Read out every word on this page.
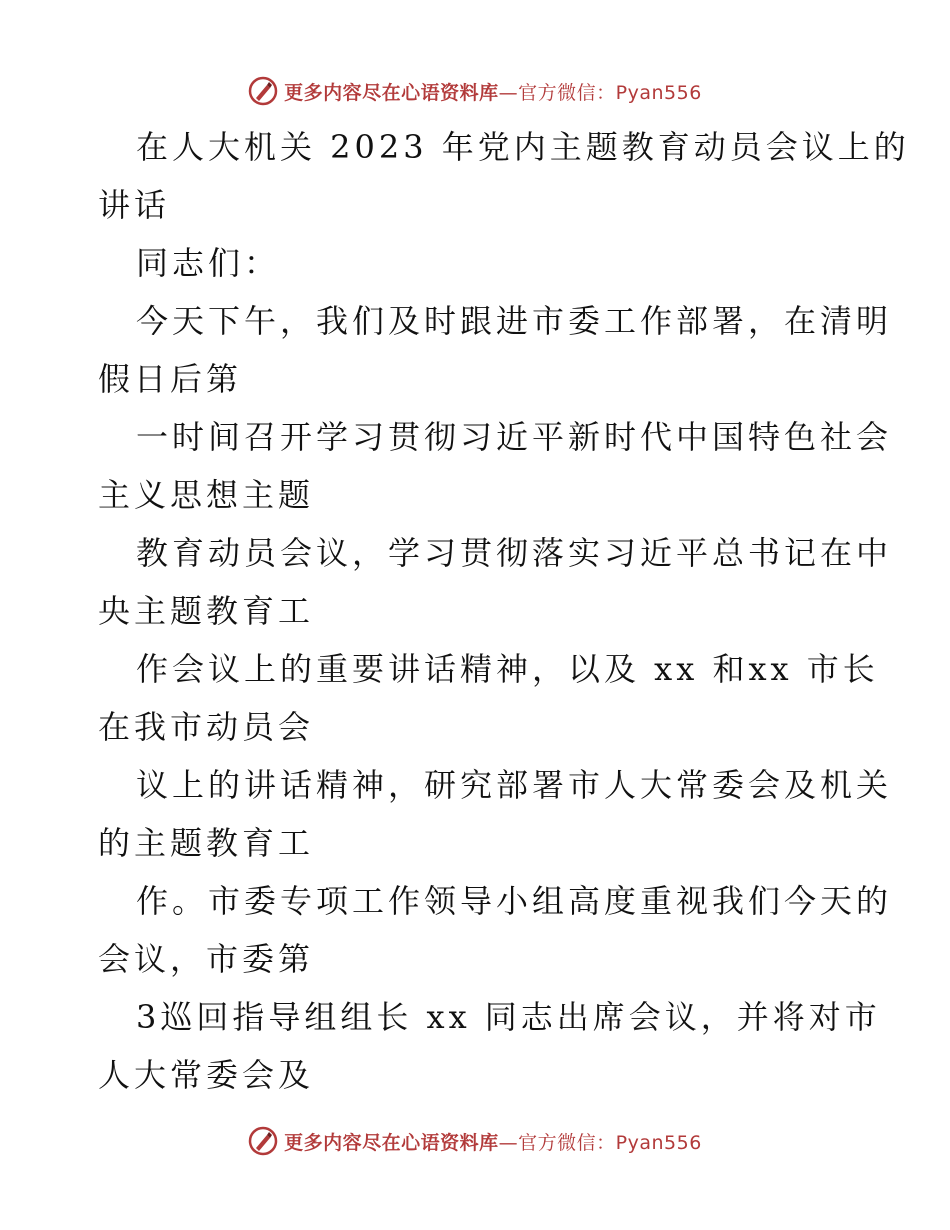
更多内容尽在心语资料库—官方微信：Pyan556
在人大机关 2023 年党内主题教育动员会议上的
讲话
同志们：
今天下午，我们及时跟进市委工作部署，在清明
假日后第
一时间召开学习贯彻习近平新时代中国特色社会
主义思想主题
教育动员会议，学习贯彻落实习近平总书记在中
央主题教育工
作会议上的重要讲话精神，以及 xx 和xx 市长
在我市动员会
议上的讲话精神，研究部署市人大常委会及机关
的主题教育工
作。市委专项工作领导小组高度重视我们今天的
会议，市委第
3巡回指导组组长 xx 同志出席会议，并将对市
人大常委会及
更多内容尽在心语资料库—官方微信：Pyan556
